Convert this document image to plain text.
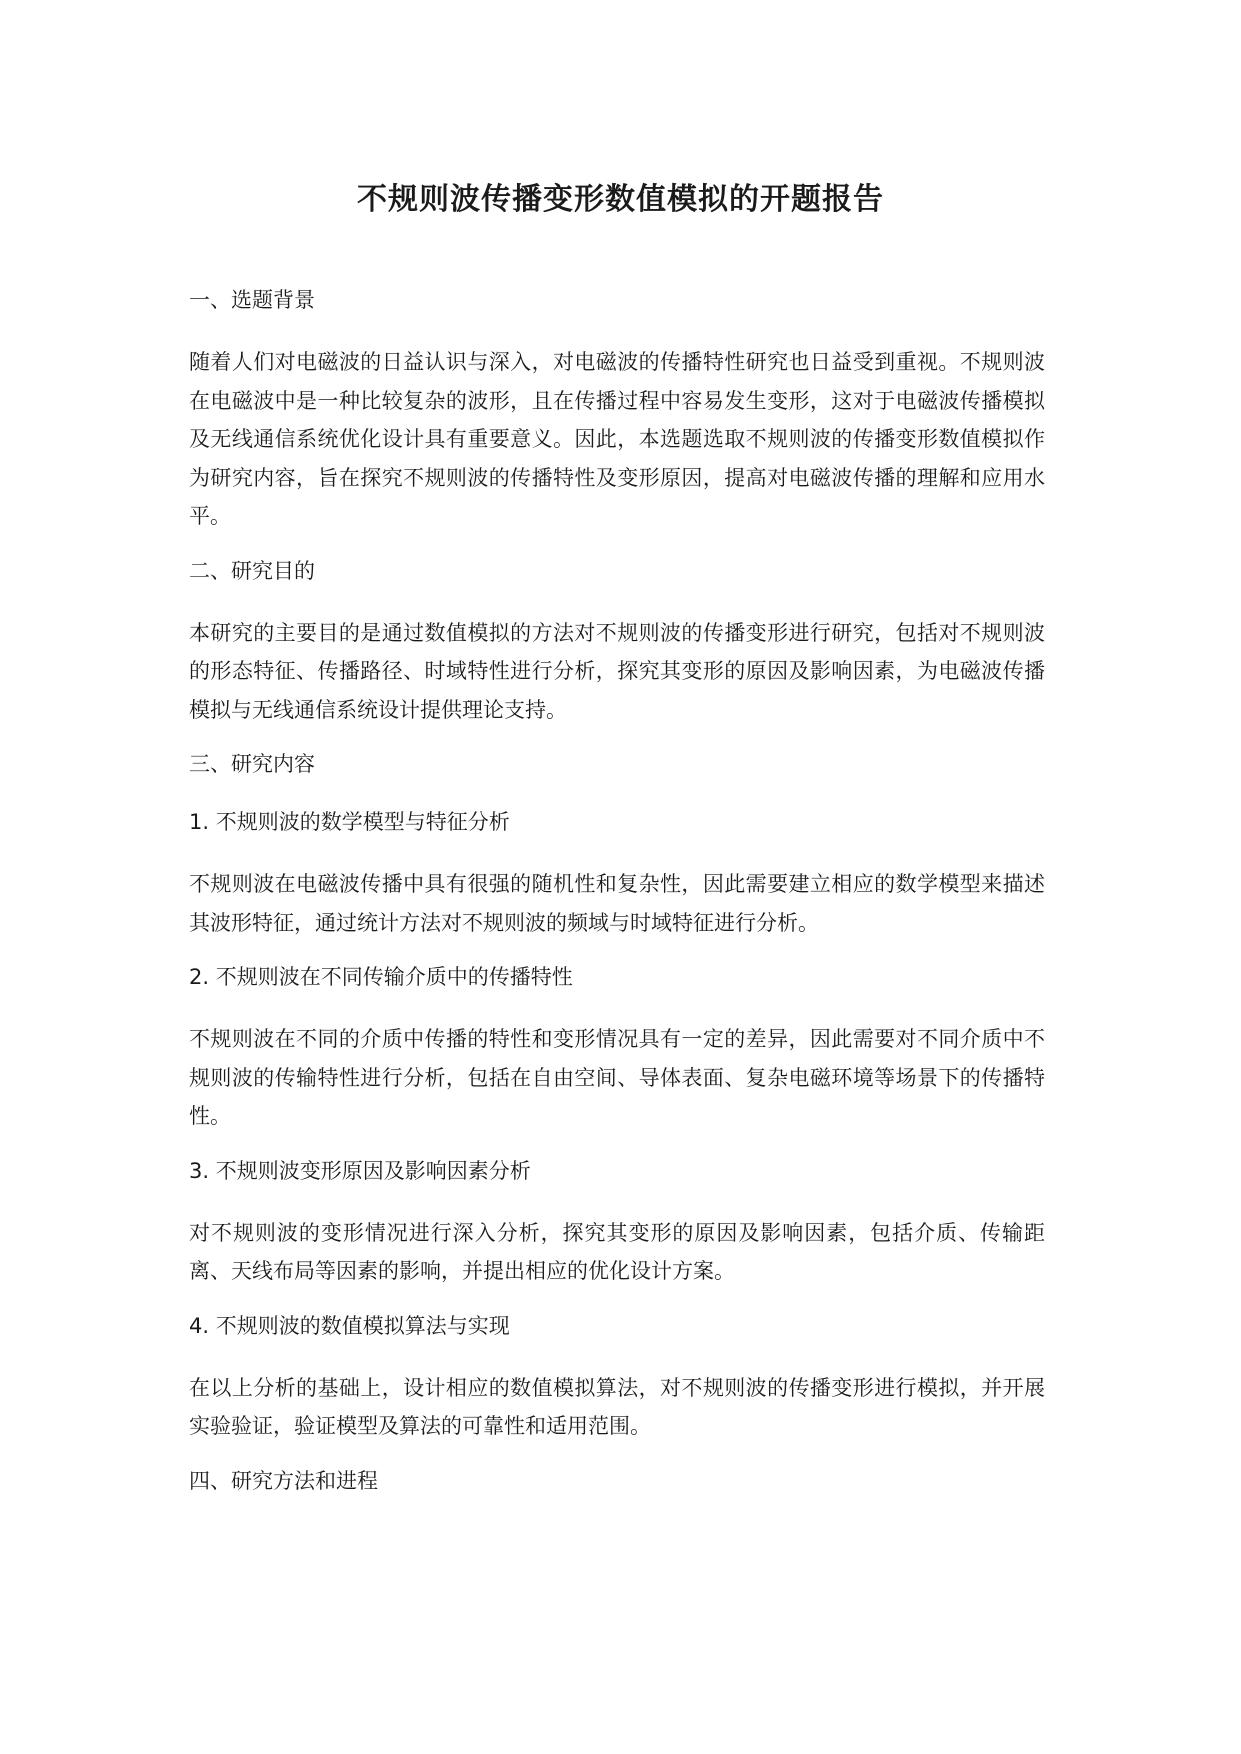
不规则波传播变形数值模拟的开题报告
一、选题背景
随着人们对电磁波的日益认识与深入，对电磁波的传播特性研究也日益受到重视。不规则波在电磁波中是一种比较复杂的波形，且在传播过程中容易发生变形，这对于电磁波传播模拟及无线通信系统优化设计具有重要意义。因此，本选题选取不规则波的传播变形数值模拟作为研究内容，旨在探究不规则波的传播特性及变形原因，提高对电磁波传播的理解和应用水平。
二、研究目的
本研究的主要目的是通过数值模拟的方法对不规则波的传播变形进行研究，包括对不规则波的形态特征、传播路径、时域特性进行分析，探究其变形的原因及影响因素，为电磁波传播模拟与无线通信系统设计提供理论支持。
三、研究内容
1. 不规则波的数学模型与特征分析
不规则波在电磁波传播中具有很强的随机性和复杂性，因此需要建立相应的数学模型来描述其波形特征，通过统计方法对不规则波的频域与时域特征进行分析。
2. 不规则波在不同传输介质中的传播特性
不规则波在不同的介质中传播的特性和变形情况具有一定的差异，因此需要对不同介质中不规则波的传输特性进行分析，包括在自由空间、导体表面、复杂电磁环境等场景下的传播特性。
3. 不规则波变形原因及影响因素分析
对不规则波的变形情况进行深入分析，探究其变形的原因及影响因素，包括介质、传输距离、天线布局等因素的影响，并提出相应的优化设计方案。
4. 不规则波的数值模拟算法与实现
在以上分析的基础上，设计相应的数值模拟算法，对不规则波的传播变形进行模拟，并开展实验验证，验证模型及算法的可靠性和适用范围。
四、研究方法和进程
